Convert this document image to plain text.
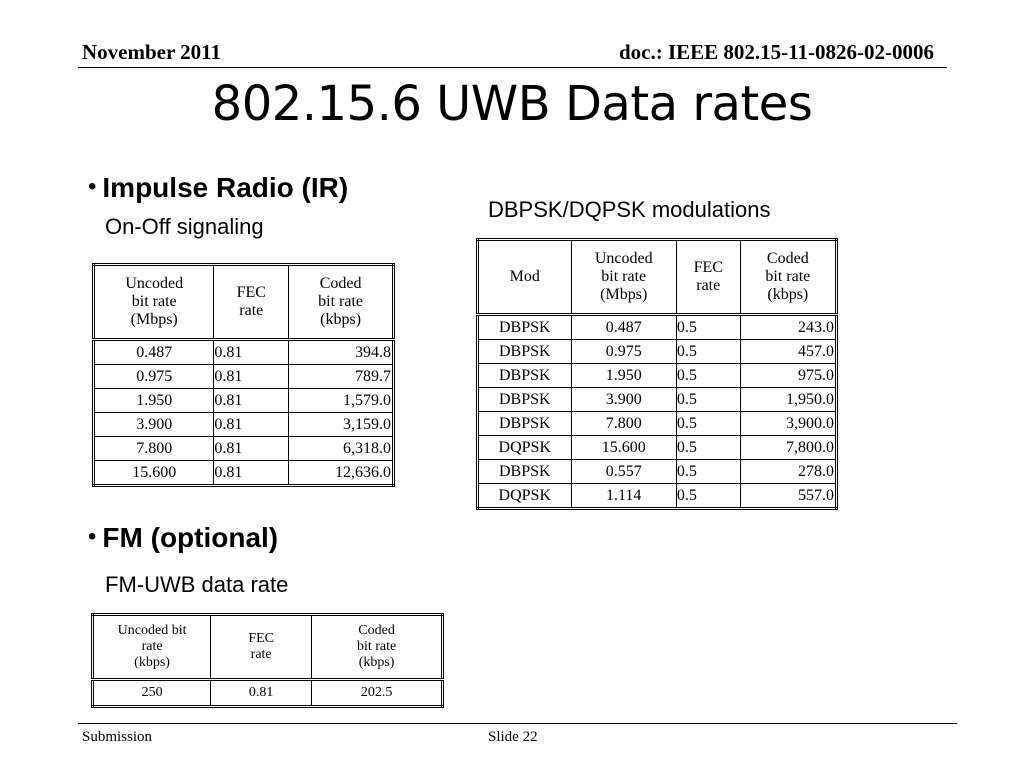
November 2011	doc.: IEEE 802.15-11-0826-02-0006
802.15.6 UWB Data rates
• Impulse Radio (IR)
On-Off signaling
Uncoded
bit rate
(Mbps)	FEC
rate	Coded
bit rate
(kbps)
0.487	0.81	394.8
0.975	0.81	789.7
1.950	0.81	1,579.0
3.900	0.81	3,159.0
7.800	0.81	6,318.0
15.600	0.81	12,636.0
DBPSK/DQPSK modulations
Mod	Uncoded
bit rate
(Mbps)	FEC
rate	Coded
bit rate
(kbps)
DBPSK	0.487	0.5	243.0
DBPSK	0.975	0.5	457.0
DBPSK	1.950	0.5	975.0
DBPSK	3.900	0.5	1,950.0
DBPSK	7.800	0.5	3,900.0
DQPSK	15.600	0.5	7,800.0
DBPSK	0.557	0.5	278.0
DQPSK	1.114	0.5	557.0
• FM (optional)
FM-UWB data rate
Uncoded bit
rate
(kbps)	FEC
rate	Coded
bit rate
(kbps)
250	0.81	202.5
Submission	Slide 22
